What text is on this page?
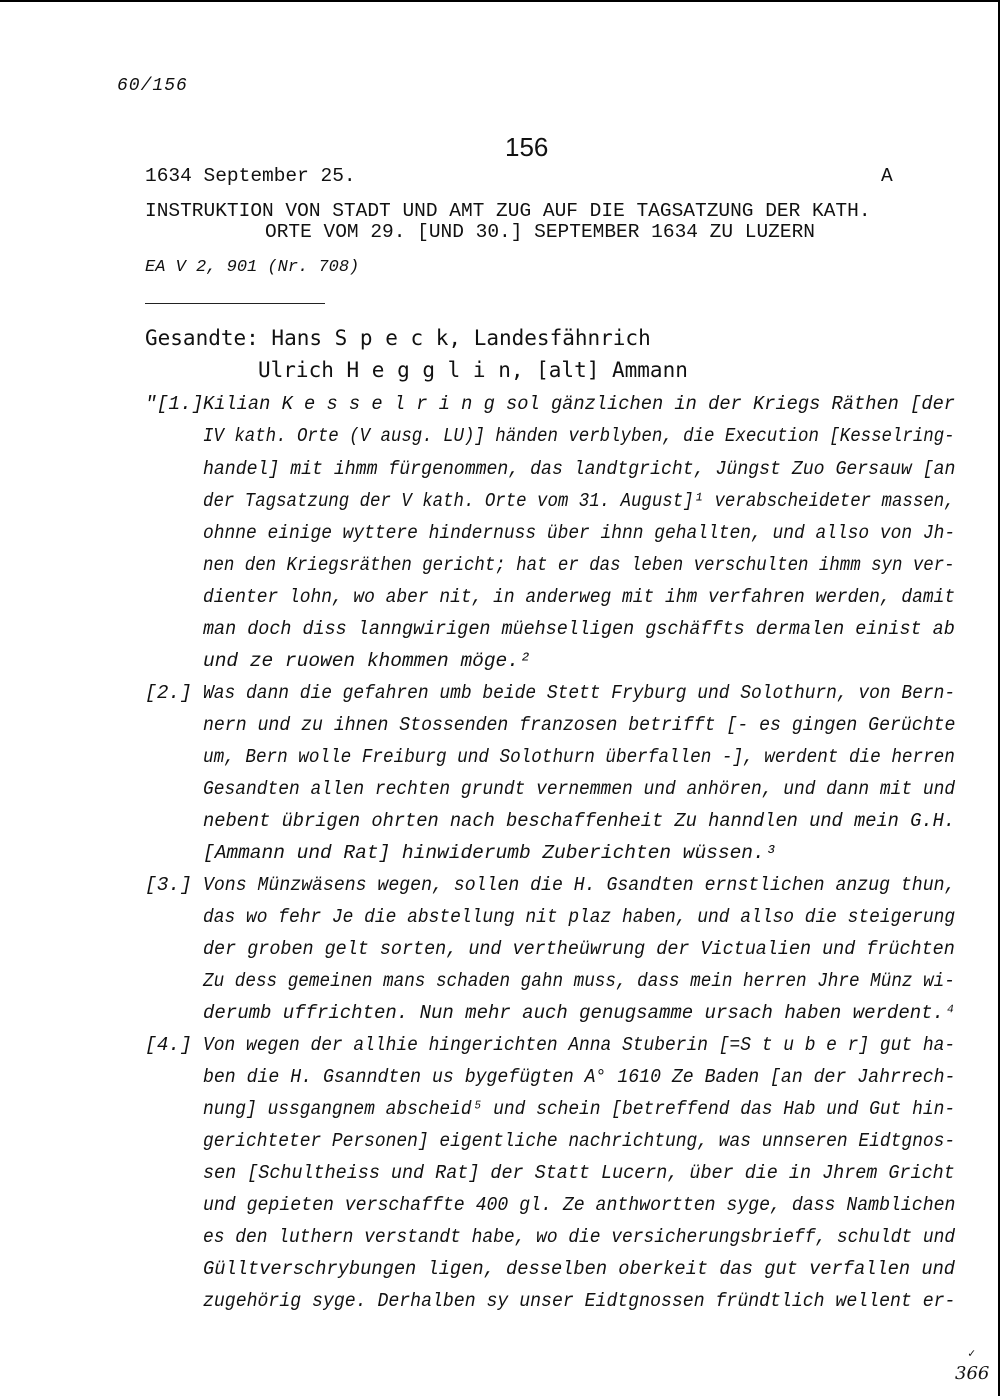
60/156
156
1634 September 25.	A
INSTRUKTION VON STADT UND AMT ZUG AUF DIE TAGSATZUNG DER KATH.
ORTE VOM 29. [UND 30.] SEPTEMBER 1634 ZU LUZERN
EA V 2, 901 (Nr. 708)
Gesandte: Hans S p e c k, Landesfähnrich
Ulrich H e g g l i n, [alt] Ammann
"[1.] Kilian K e s s e l r i n g sol gänzlichen in der Kriegs Räthen [der
IV kath. Orte (V ausg. LU)] händen verblyben, die Execution [Kesselring-
handel] mit ihmm fürgenommen, das landtgricht, Jüngst Zuo Gersauw [an
der Tagsatzung der V kath. Orte vom 31. August]¹ verabscheideter massen,
ohnne einige wyttere hindernuss über ihnn gehallten, und allso von Jh-
nen den Kriegsräthen gericht; hat er das leben verschulten ihmm syn ver-
dienter lohn, wo aber nit, in anderweg mit ihm verfahren werden, damit
man doch diss lanngwirigen müehselligen gschäffts dermalen einist ab
und ze ruowen khommen möge.²
[2.] Was dann die gefahren umb beide Stett Fryburg und Solothurn, von Bern-
nern und zu ihnen Stossenden franzosen betrifft [- es gingen Gerüchte
um, Bern wolle Freiburg und Solothurn überfallen -], werdent die herren
Gesandten allen rechten grundt vernemmen und anhören, und dann mit und
nebent übrigen ohrten nach beschaffenheit Zu hanndlen und mein G.H.
[Ammann und Rat] hinwiderumb Zuberichten wüssen.³
[3.] Vons Münzwäsens wegen, sollen die H. Gsandten ernstlichen anzug thun,
das wo fehr Je die abstellung nit plaz haben, und allso die steigerung
der groben gelt sorten, und vertheüwrung der Victualien und früchten
Zu dess gemeinen mans schaden gahn muss, dass mein herren Jhre Münz wi-
derumb uffrichten. Nun mehr auch genugsamme ursach haben werdent.⁴
[4.] Von wegen der allhie hingerichten Anna Stuberin [=S t u b e r] gut ha-
ben die H. Gsanndten us bygefügten A° 1610 Ze Baden [an der Jahrrech-
nung] ussgangnem abscheid⁵ und schein [betreffend das Hab und Gut hin-
gerichteter Personen] eigentliche nachrichtung, was unnseren Eidtgnos-
sen [Schultheiss und Rat] der Statt Lucern, über die in Jhrem Gricht
und gepieten verschaffte 400 gl. Ze anthwortten syge, dass Namblichen
es den luthern verstandt habe, wo die versicherungsbrieff, schuldt und
Gülltverschrybungen ligen, desselben oberkeit das gut verfallen und
zugehörig syge. Derhalben sy unser Eidtgnossen fründtlich wellent er-
✓
366
